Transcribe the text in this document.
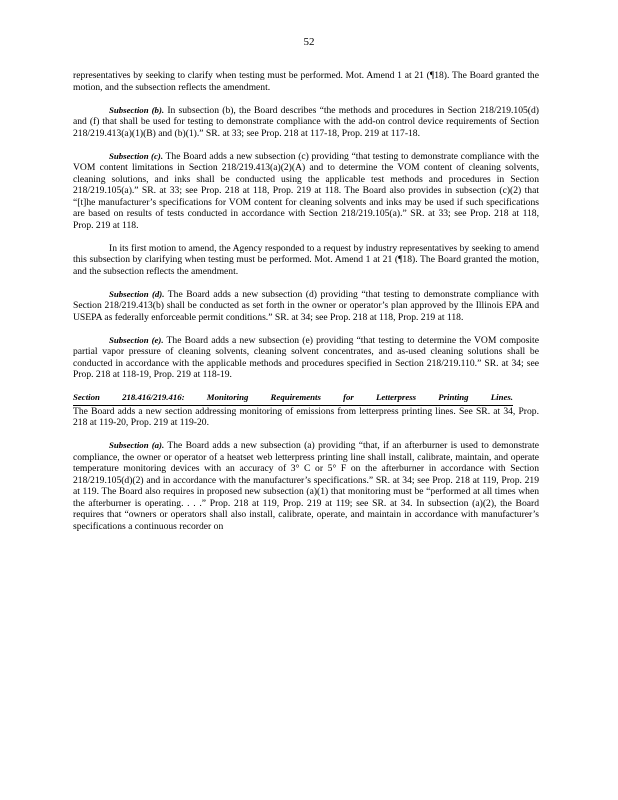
52

representatives by seeking to clarify when testing must be performed. Mot. Amend 1 at 21 (¶18). The Board granted the motion, and the subsection reflects the amendment.

Subsection (b). In subsection (b), the Board describes “the methods and procedures in Section 218/219.105(d) and (f) that shall be used for testing to demonstrate compliance with the add-on control device requirements of Section 218/219.413(a)(1)(B) and (b)(1).” SR. at 33; see Prop. 218 at 117-18, Prop. 219 at 117-18.

Subsection (c). The Board adds a new subsection (c) providing “that testing to demonstrate compliance with the VOM content limitations in Section 218/219.413(a)(2)(A) and to determine the VOM content of cleaning solvents, cleaning solutions, and inks shall be conducted using the applicable test methods and procedures in Section 218/219.105(a).” SR. at 33; see Prop. 218 at 118, Prop. 219 at 118. The Board also provides in subsection (c)(2) that “[t]he manufacturer’s specifications for VOM content for cleaning solvents and inks may be used if such specifications are based on results of tests conducted in accordance with Section 218/219.105(a).” SR. at 33; see Prop. 218 at 118, Prop. 219 at 118.

In its first motion to amend, the Agency responded to a request by industry representatives by seeking to amend this subsection by clarifying when testing must be performed. Mot. Amend 1 at 21 (¶18). The Board granted the motion, and the subsection reflects the amendment.

Subsection (d). The Board adds a new subsection (d) providing “that testing to demonstrate compliance with Section 218/219.413(b) shall be conducted as set forth in the owner or operator’s plan approved by the Illinois EPA and USEPA as federally enforceable permit conditions.” SR. at 34; see Prop. 218 at 118, Prop. 219 at 118.

Subsection (e). The Board adds a new subsection (e) providing “that testing to determine the VOM composite partial vapor pressure of cleaning solvents, cleaning solvent concentrates, and as-used cleaning solutions shall be conducted in accordance with the applicable methods and procedures specified in Section 218/219.110.” SR. at 34; see Prop. 218 at 118-19, Prop. 219 at 118-19.

Section 218.416/219.416: Monitoring Requirements for Letterpress Printing Lines.

The Board adds a new section addressing monitoring of emissions from letterpress printing lines. See SR. at 34, Prop. 218 at 119-20, Prop. 219 at 119-20.

Subsection (a). The Board adds a new subsection (a) providing “that, if an afterburner is used to demonstrate compliance, the owner or operator of a heatset web letterpress printing line shall install, calibrate, maintain, and operate temperature monitoring devices with an accuracy of 3° C or 5° F on the afterburner in accordance with Section 218/219.105(d)(2) and in accordance with the manufacturer’s specifications.” SR. at 34; see Prop. 218 at 119, Prop. 219 at 119. The Board also requires in proposed new subsection (a)(1) that monitoring must be “performed at all times when the afterburner is operating. . . .” Prop. 218 at 119, Prop. 219 at 119; see SR. at 34. In subsection (a)(2), the Board requires that “owners or operators shall also install, calibrate, operate, and maintain in accordance with manufacturer’s specifications a continuous recorder on
